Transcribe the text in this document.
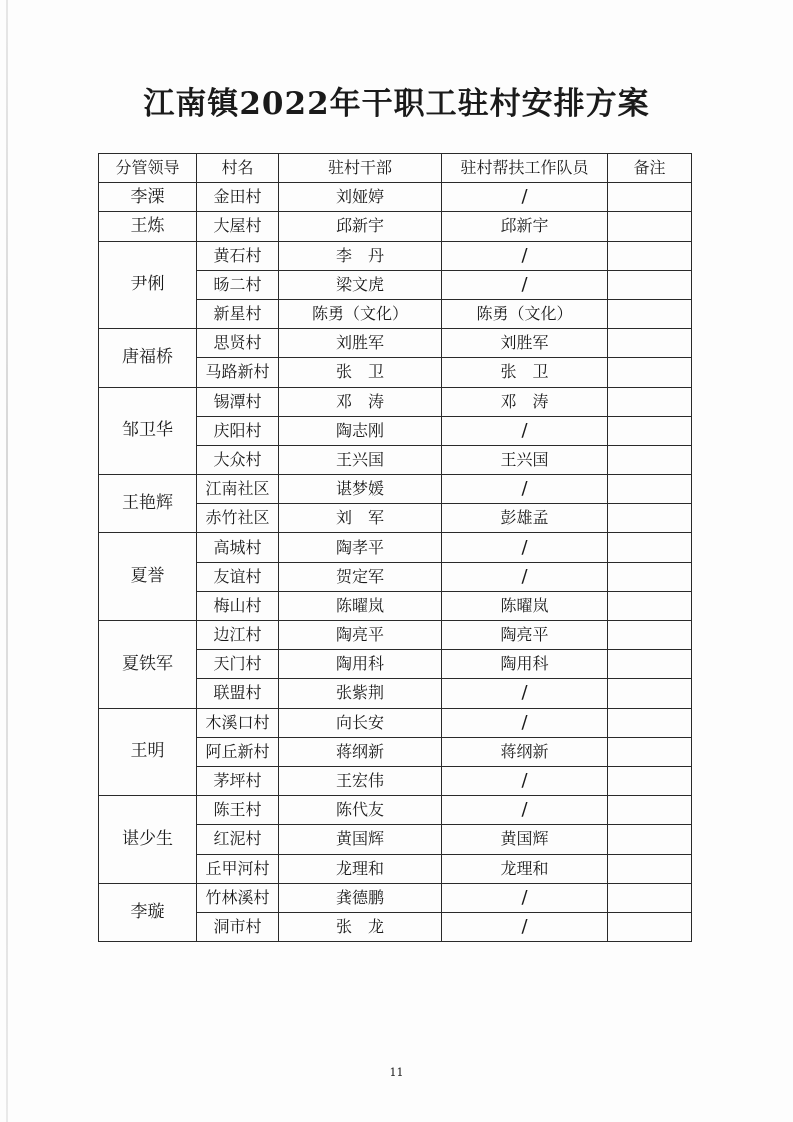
江南镇2022年干职工驻村安排方案
分管领导	村名	驻村干部	驻村帮扶工作队员	备注
李溧	金田村	刘娅婷	/	
王炼	大屋村	邱新宇	邱新宇	
尹俐	黄石村	李　丹	/	
	旸二村	梁文虎	/	
	新星村	陈勇（文化）	陈勇（文化）	
唐福桥	思贤村	刘胜军	刘胜军	
	马路新村	张　卫	张　卫	
邹卫华	锡潭村	邓　涛	邓　涛	
	庆阳村	陶志刚	/	
	大众村	王兴国	王兴国	
王艳辉	江南社区	谌梦媛	/	
	赤竹社区	刘　军	彭雄孟	
夏誉	高城村	陶孝平	/	
	友谊村	贺定军	/	
	梅山村	陈曜岚	陈曜岚	
夏铁军	边江村	陶亮平	陶亮平	
	天门村	陶用科	陶用科	
	联盟村	张紫荆	/	
王明	木溪口村	向长安	/	
	阿丘新村	蒋纲新	蒋纲新	
	茅坪村	王宏伟	/	
谌少生	陈王村	陈代友	/	
	红泥村	黄国辉	黄国辉	
	丘甲河村	龙理和	龙理和	
李璇	竹林溪村	龚德鹏	/	
	洞市村	张　龙	/	
11
